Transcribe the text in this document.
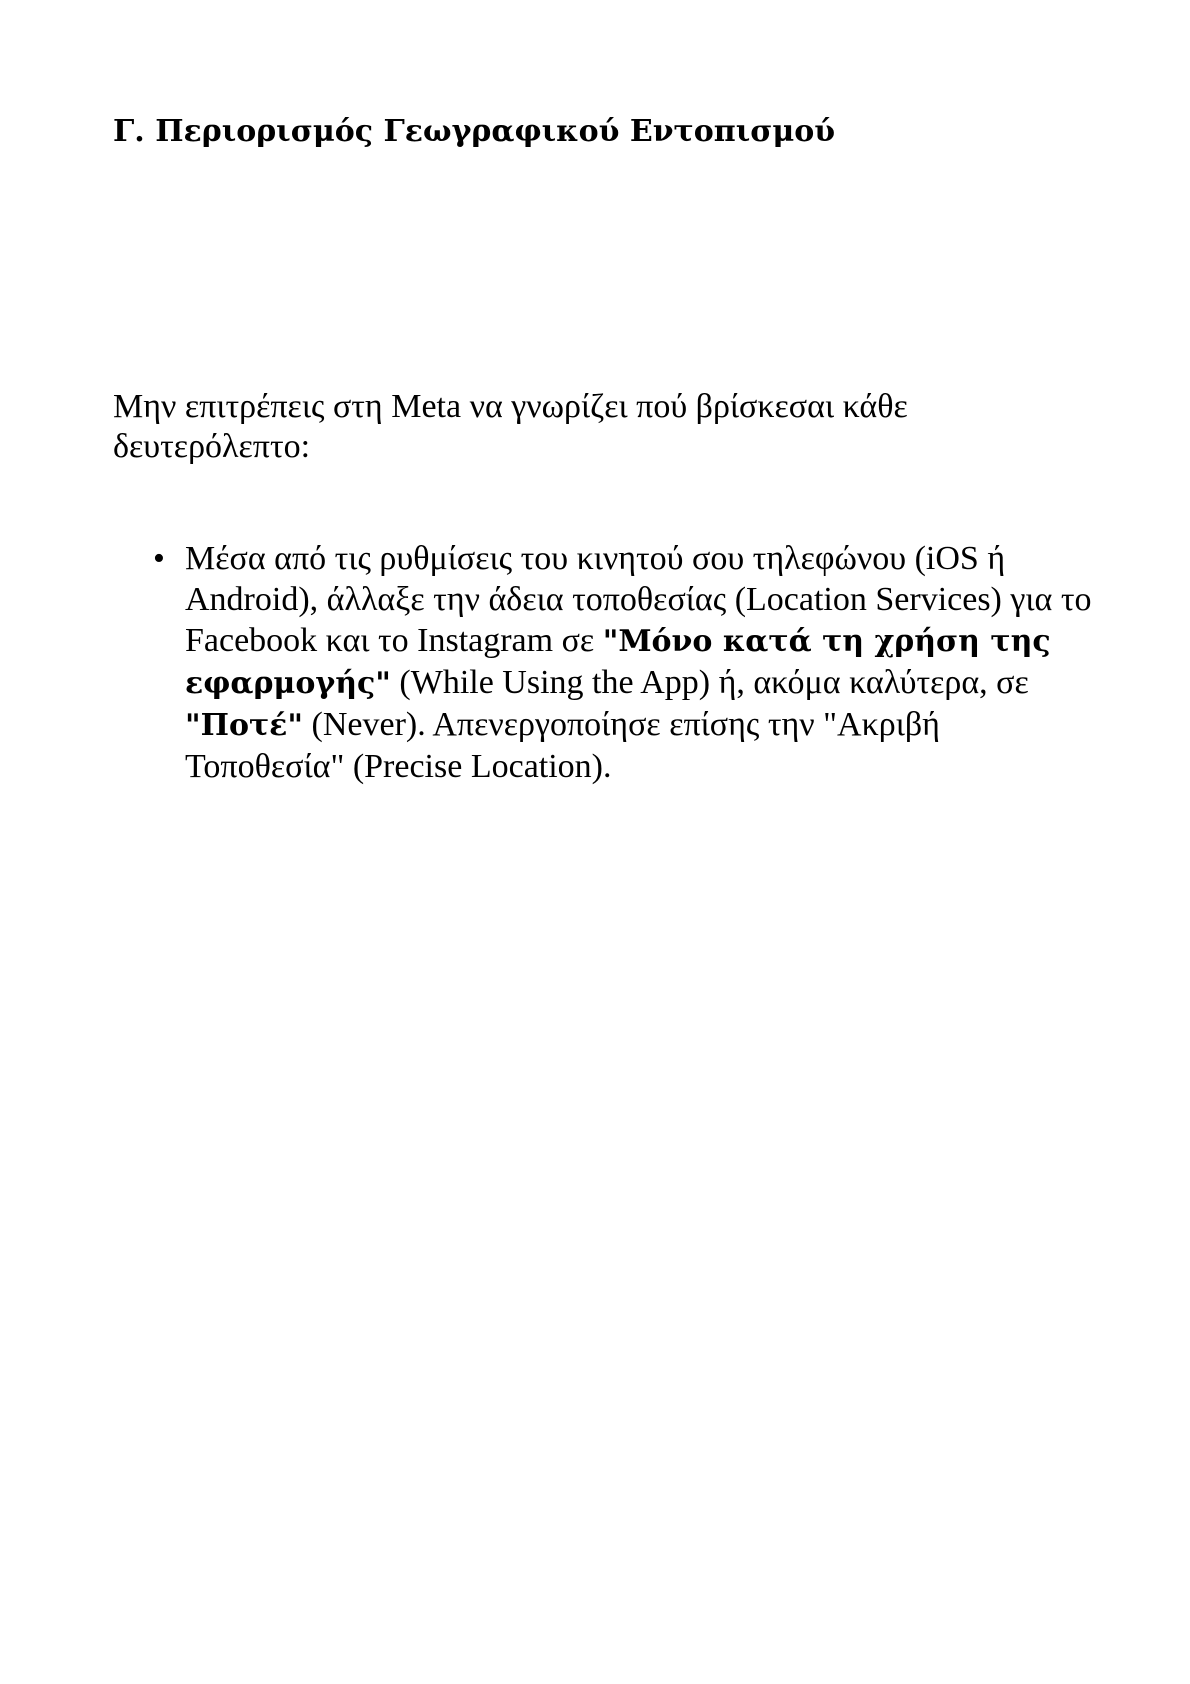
Γ. Περιορισμός Γεωγραφικού Εντοπισμού

Μην επιτρέπεις στη Meta να γνωρίζει πού βρίσκεσαι κάθε δευτερόλεπτο:

• Μέσα από τις ρυθμίσεις του κινητού σου τηλεφώνου (iOS ή Android), άλλαξε την άδεια τοποθεσίας (Location Services) για το Facebook και το Instagram σε "Μόνο κατά τη χρήση της εφαρμογής" (While Using the App) ή, ακόμα καλύτερα, σε "Ποτέ" (Never). Απενεργοποίησε επίσης την "Ακριβή Τοποθεσία" (Precise Location).
